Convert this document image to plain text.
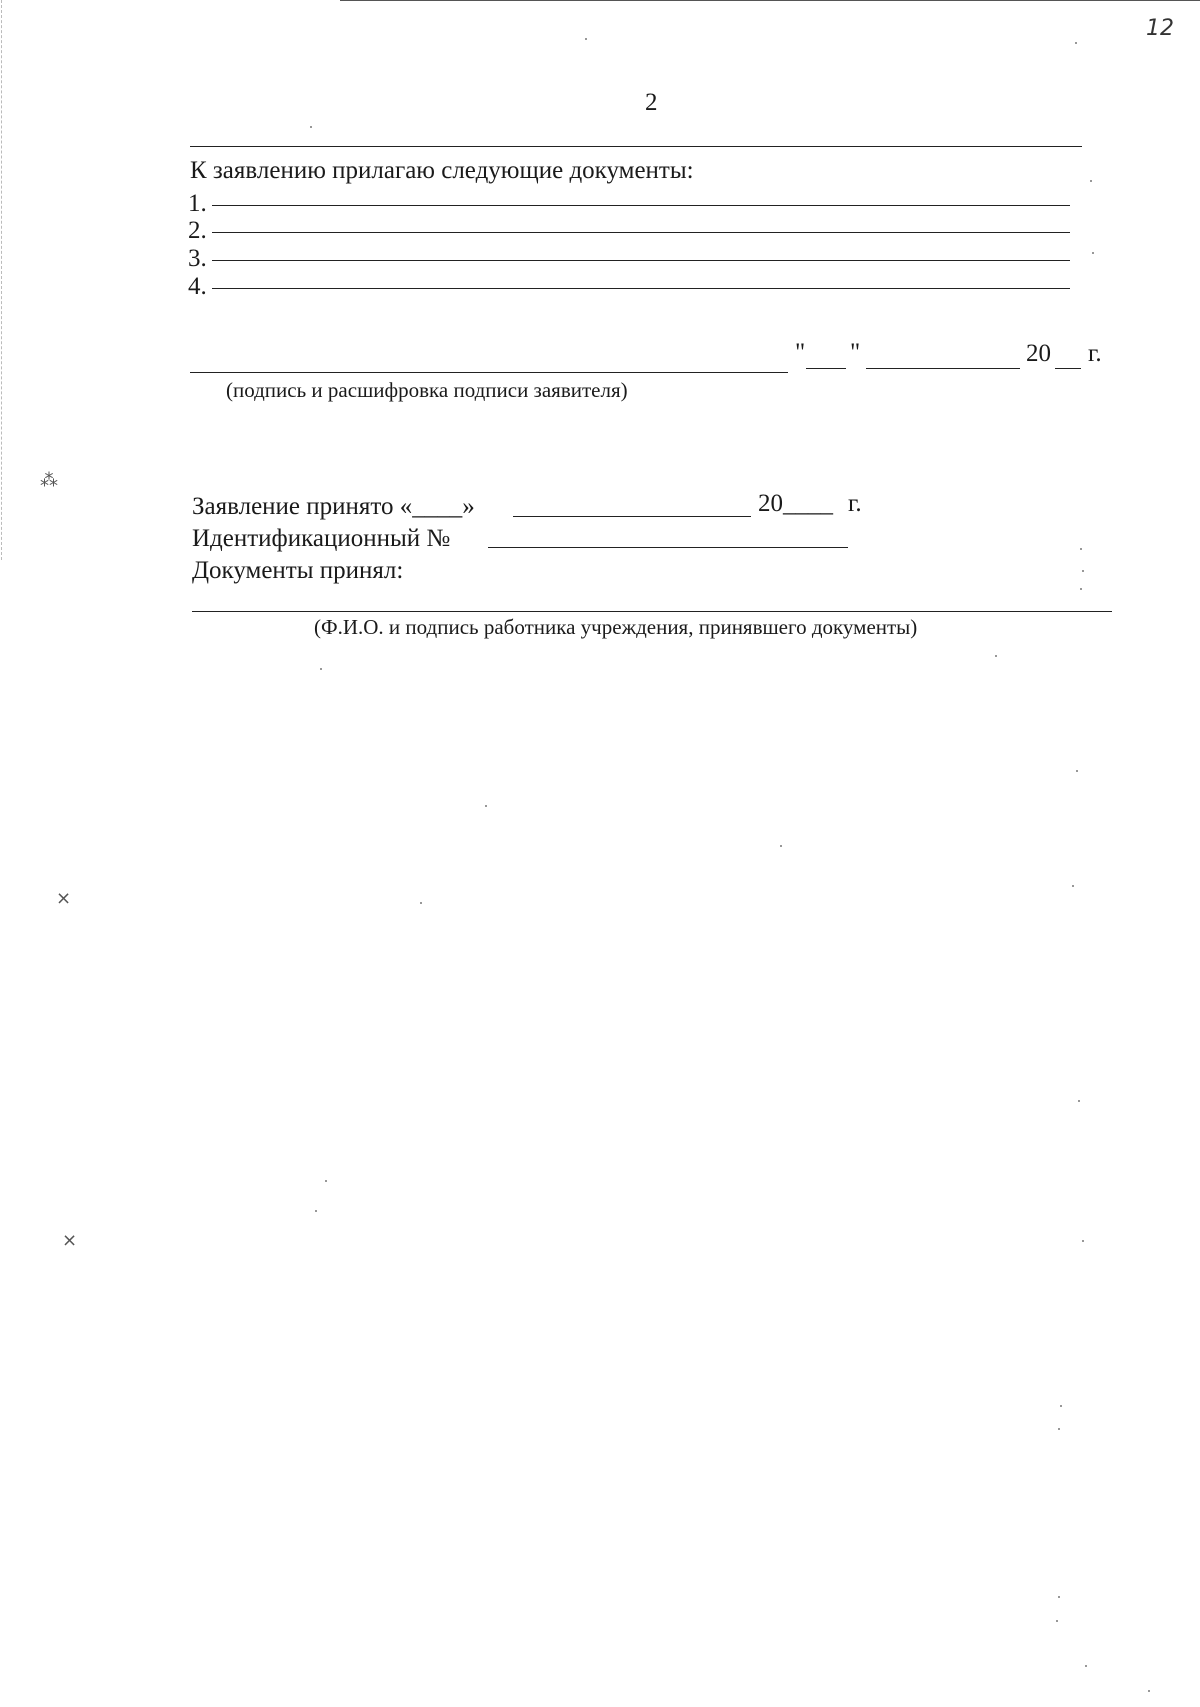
12
2
К заявлению прилагаю следующие документы:
1.
2.
3.
4.
" "	20 г.
(подпись и расшифровка подписи заявителя)
Заявление принято «____»	20____ г.
Идентификационный №
Документы принял:
(Ф.И.О. и подпись работника учреждения, принявшего документы)
⁂
⨯
⨯
